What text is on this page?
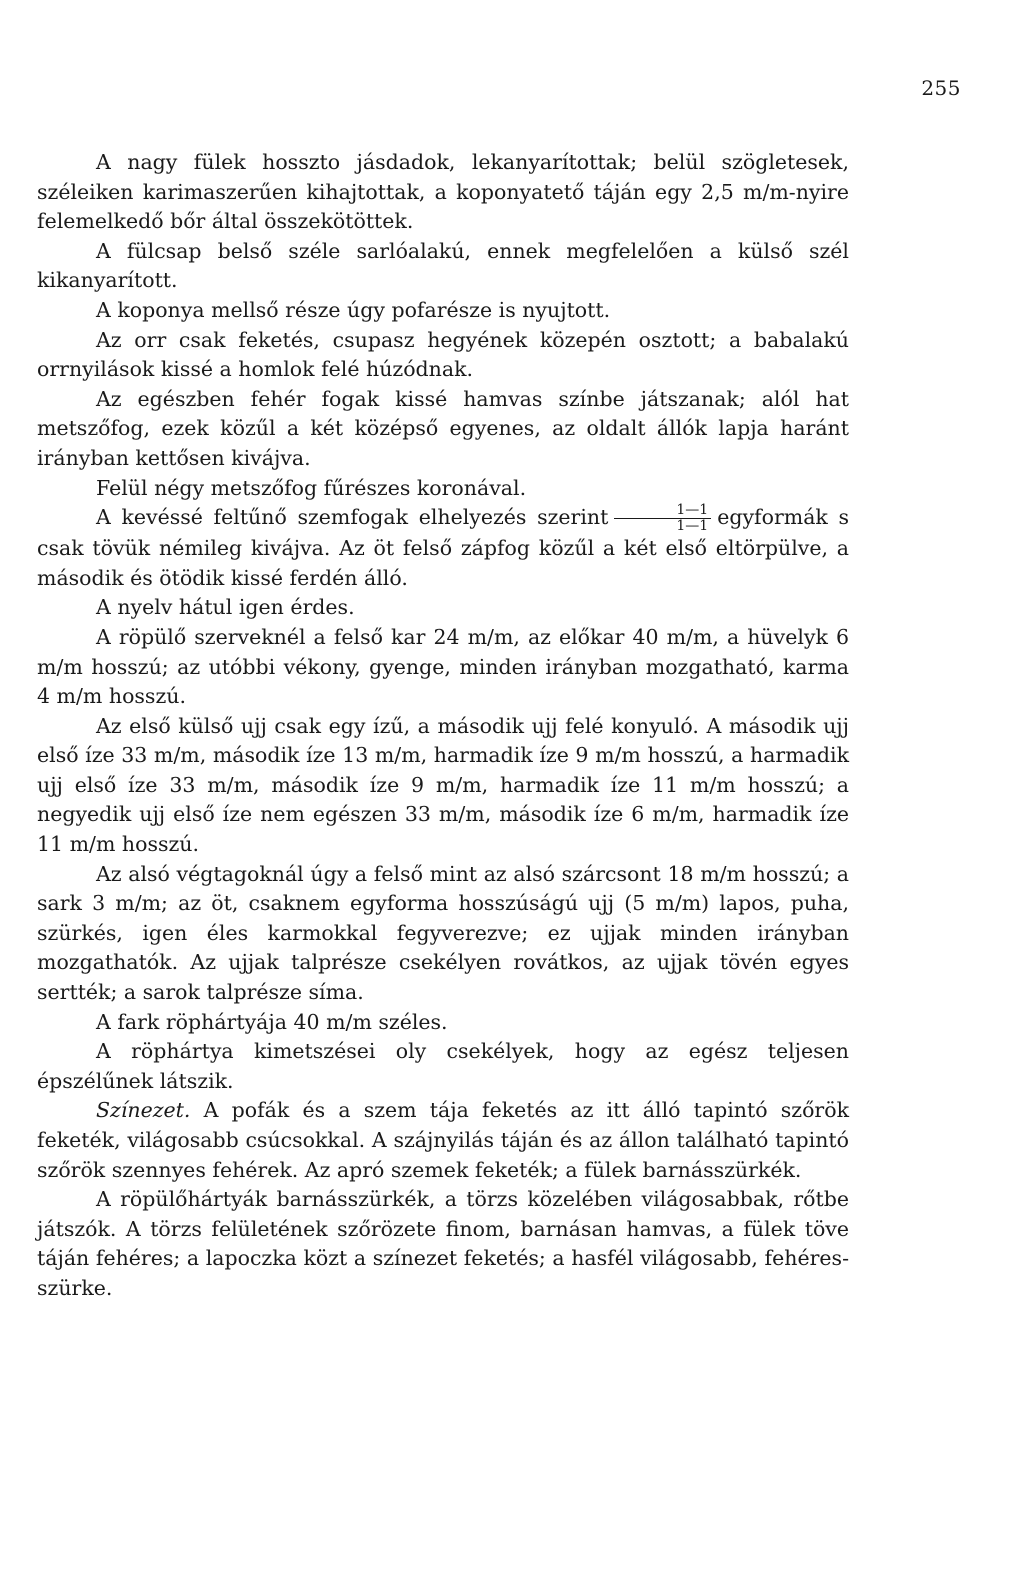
255

A nagy fülek hosszto jásdadok, lekanyarítottak; belül szögletesek, széleiken karimaszerűen kihajtottak, a koponyatető táján egy 2,5 m/m-nyire felemelkedő bőr által összekötöttek.

A fülcsap belső széle sarlóalakú, ennek megfelelően a külső szél kikanyarított.

A koponya mellső része úgy pofarésze is nyujtott.

Az orr csak feketés, csupasz hegyének közepén osztott; a babalakú orrnyilások kissé a homlok felé húzódnak.

Az egészben fehér fogak kissé hamvas színbe játszanak; alól hat metszőfog, ezek közűl a két középső egyenes, az oldalt állók lapja haránt irányban kettősen kivájva.

Felül négy metszőfog fűrészes koronával.

A kevéssé feltűnő szemfogak elhelyezés szerint $\frac{1—1}{1—1}$ egyformák s csak tövük némileg kivájva. Az öt felső zápfog közűl a két első eltörpülve, a második és ötödik kissé ferdén álló.

A nyelv hátul igen érdes.

A röpülő szerveknél a felső kar 24 m/m, az előkar 40 m/m, a hüvelyk 6 m/m hosszú; az utóbbi vékony, gyenge, minden irányban mozgatható, karma 4 m/m hosszú.

Az első külső ujj csak egy ízű, a második ujj felé konyuló. A második ujj első íze 33 m/m, második íze 13 m/m, harmadik íze 9 m/m hosszú, a harmadik ujj első íze 33 m/m, második íze 9 m/m, harmadik íze 11 m/m hosszú; a negyedik ujj első íze nem egészen 33 m/m, második íze 6 m/m, harmadik íze 11 m/m hosszú.

Az alsó végtagoknál úgy a felső mint az alsó szárcsont 18 m/m hosszú; a sark 3 m/m; az öt, csaknem egyforma hosszúságú ujj (5 m/m) lapos, puha, szürkés, igen éles karmokkal fegyverezve; ez ujjak minden irányban mozgathatók. Az ujjak talprésze csekélyen rovátkos, az ujjak tövén egyes sertték; a sarok talprésze síma.

A fark röphártyája 40 m/m széles.

A röphártya kimetszései oly csekélyek, hogy az egész teljesen épszélűnek látszik.

Színezet. A pofák és a szem tája feketés az itt álló tapintó szőrök feketék, világosabb csúcsokkal. A szájnyilás táján és az állon található tapintó szőrök szennyes fehérek. Az apró szemek feketék; a fülek barnásszürkék.

A röpülőhártyák barnásszürkék, a törzs közelében világosabbak, rőtbe játszók. A törzs felületének szőrözete finom, barnásan hamvas, a fülek töve táján fehéres; a lapoczka közt a színezet feketés; a hasfél világosabb, fehéres-szürke.
